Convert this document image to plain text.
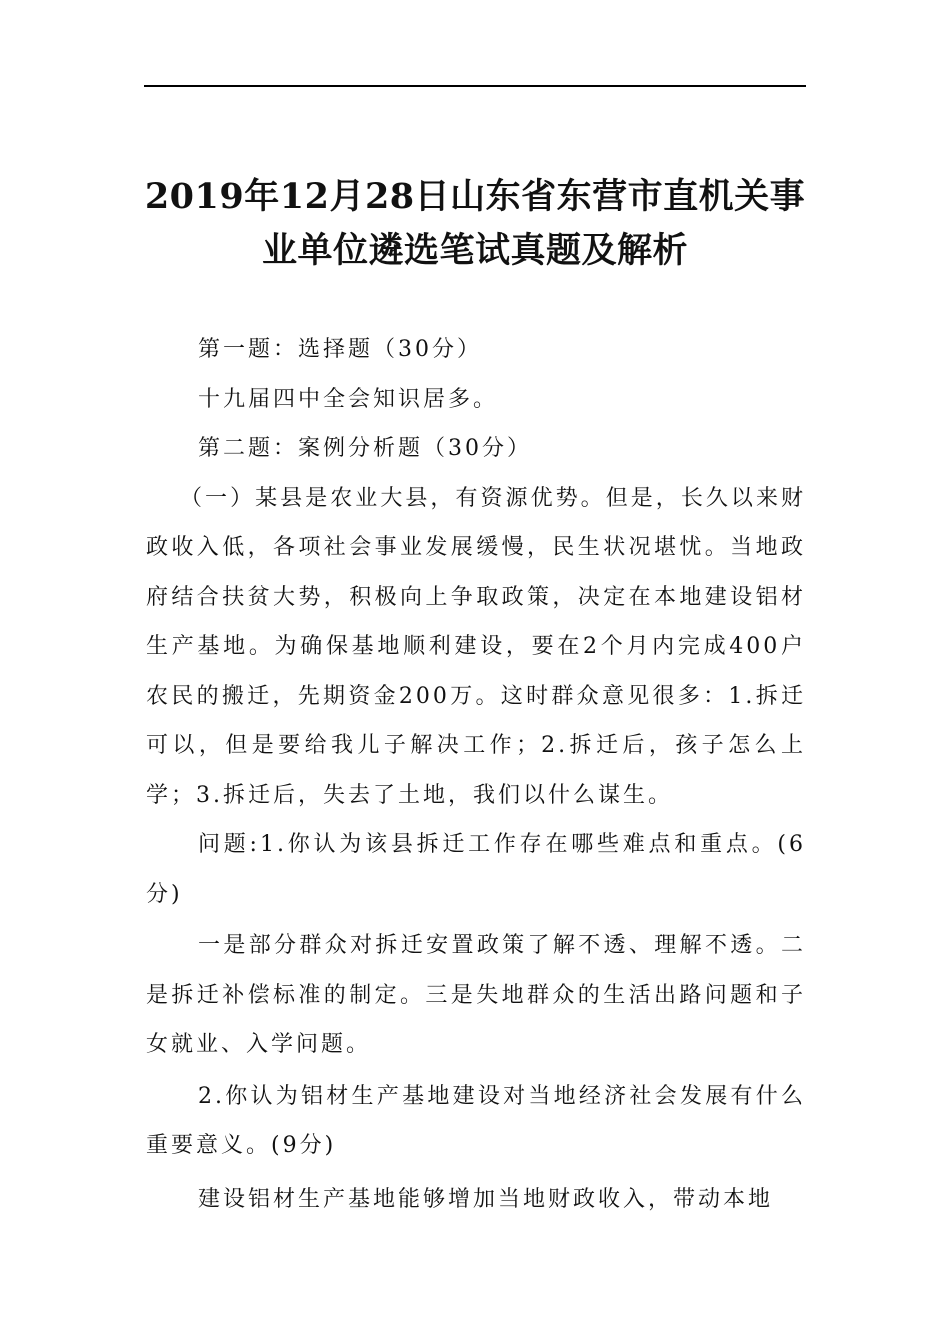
2019年12月28日山东省东营市直机关事
业单位遴选笔试真题及解析

第一题：选择题（30分）

十九届四中全会知识居多。

第二题：案例分析题（30分）

（一）某县是农业大县，有资源优势。但是，长久以来财政收入低，各项社会事业发展缓慢，民生状况堪忧。当地政府结合扶贫大势，积极向上争取政策，决定在本地建设铝材生产基地。为确保基地顺利建设，要在2个月内完成400户农民的搬迁，先期资金200万。这时群众意见很多：1.拆迁可以，但是要给我儿子解决工作；2.拆迁后，孩子怎么上学；3.拆迁后，失去了土地，我们以什么谋生。

问题:1.你认为该县拆迁工作存在哪些难点和重点。(6分)

一是部分群众对拆迁安置政策了解不透、理解不透。二是拆迁补偿标准的制定。三是失地群众的生活出路问题和子女就业、入学问题。

2.你认为铝材生产基地建设对当地经济社会发展有什么重要意义。(9分)

建设铝材生产基地能够增加当地财政收入，带动本地
